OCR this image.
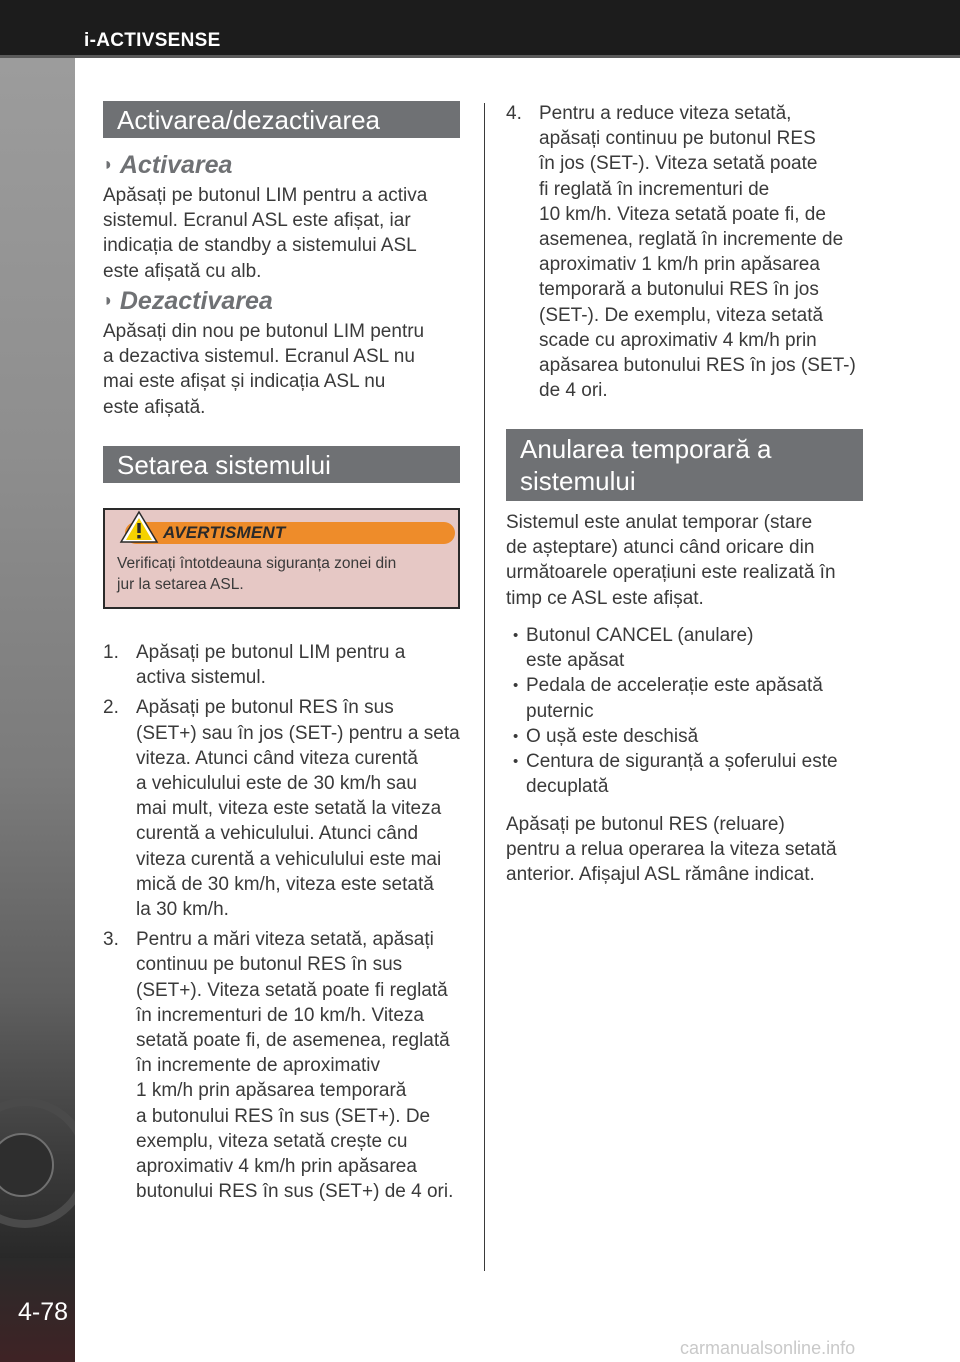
i-ACTIVSENSE
4-78
Activarea/dezactivarea
◗ Activarea

Apăsați pe butonul LIM pentru a activa
sistemul. Ecranul ASL este afișat, iar
indicația de standby a sistemului ASL
este afișată cu alb.

◗ Dezactivarea

Apăsați din nou pe butonul LIM pentru
a dezactiva sistemul. Ecranul ASL nu
mai este afișat și indicația ASL nu
este afișată.

Setarea sistemului
AVERTISMENT
Verificați întotdeauna siguranța zonei din
jur la setarea ASL.
1. Apăsați pe butonul LIM pentru a
activa sistemul.
2. Apăsați pe butonul RES în sus
(SET+) sau în jos (SET-) pentru a seta
viteza. Atunci când viteza curentă
a vehiculului este de 30 km/h sau
mai mult, viteza este setată la viteza
curentă a vehiculului. Atunci când
viteza curentă a vehiculului este mai
mică de 30 km/h, viteza este setată
la 30 km/h.
3. Pentru a mări viteza setată, apăsați
continuu pe butonul RES în sus
(SET+). Viteza setată poate fi reglată
în incrementuri de 10 km/h. Viteza
setată poate fi, de asemenea, reglată
în incremente de aproximativ
1 km/h prin apăsarea temporară
a butonului RES în sus (SET+). De
exemplu, viteza setată crește cu
aproximativ 4 km/h prin apăsarea
butonului RES în sus (SET+) de 4 ori.
4. Pentru a reduce viteza setată,
apăsați continuu pe butonul RES
în jos (SET-). Viteza setată poate
fi reglată în incrementuri de
10 km/h. Viteza setată poate fi, de
asemenea, reglată în incremente de
aproximativ 1 km/h prin apăsarea
temporară a butonului RES în jos
(SET-). De exemplu, viteza setată
scade cu aproximativ 4 km/h prin
apăsarea butonului RES în jos (SET-)
de 4 ori.
Anularea temporară a
sistemului

Sistemul este anulat temporar (stare
de așteptare) atunci când oricare din
următoarele operațiuni este realizată în
timp ce ASL este afișat.

• Butonul CANCEL (anulare)
este apăsat
• Pedala de accelerație este apăsată
puternic
• O ușă este deschisă
• Centura de siguranță a șoferului este
decuplată

Apăsați pe butonul RES (reluare)
pentru a relua operarea la viteza setată
anterior. Afișajul ASL rămâne indicat.

carmanualsonline.info
